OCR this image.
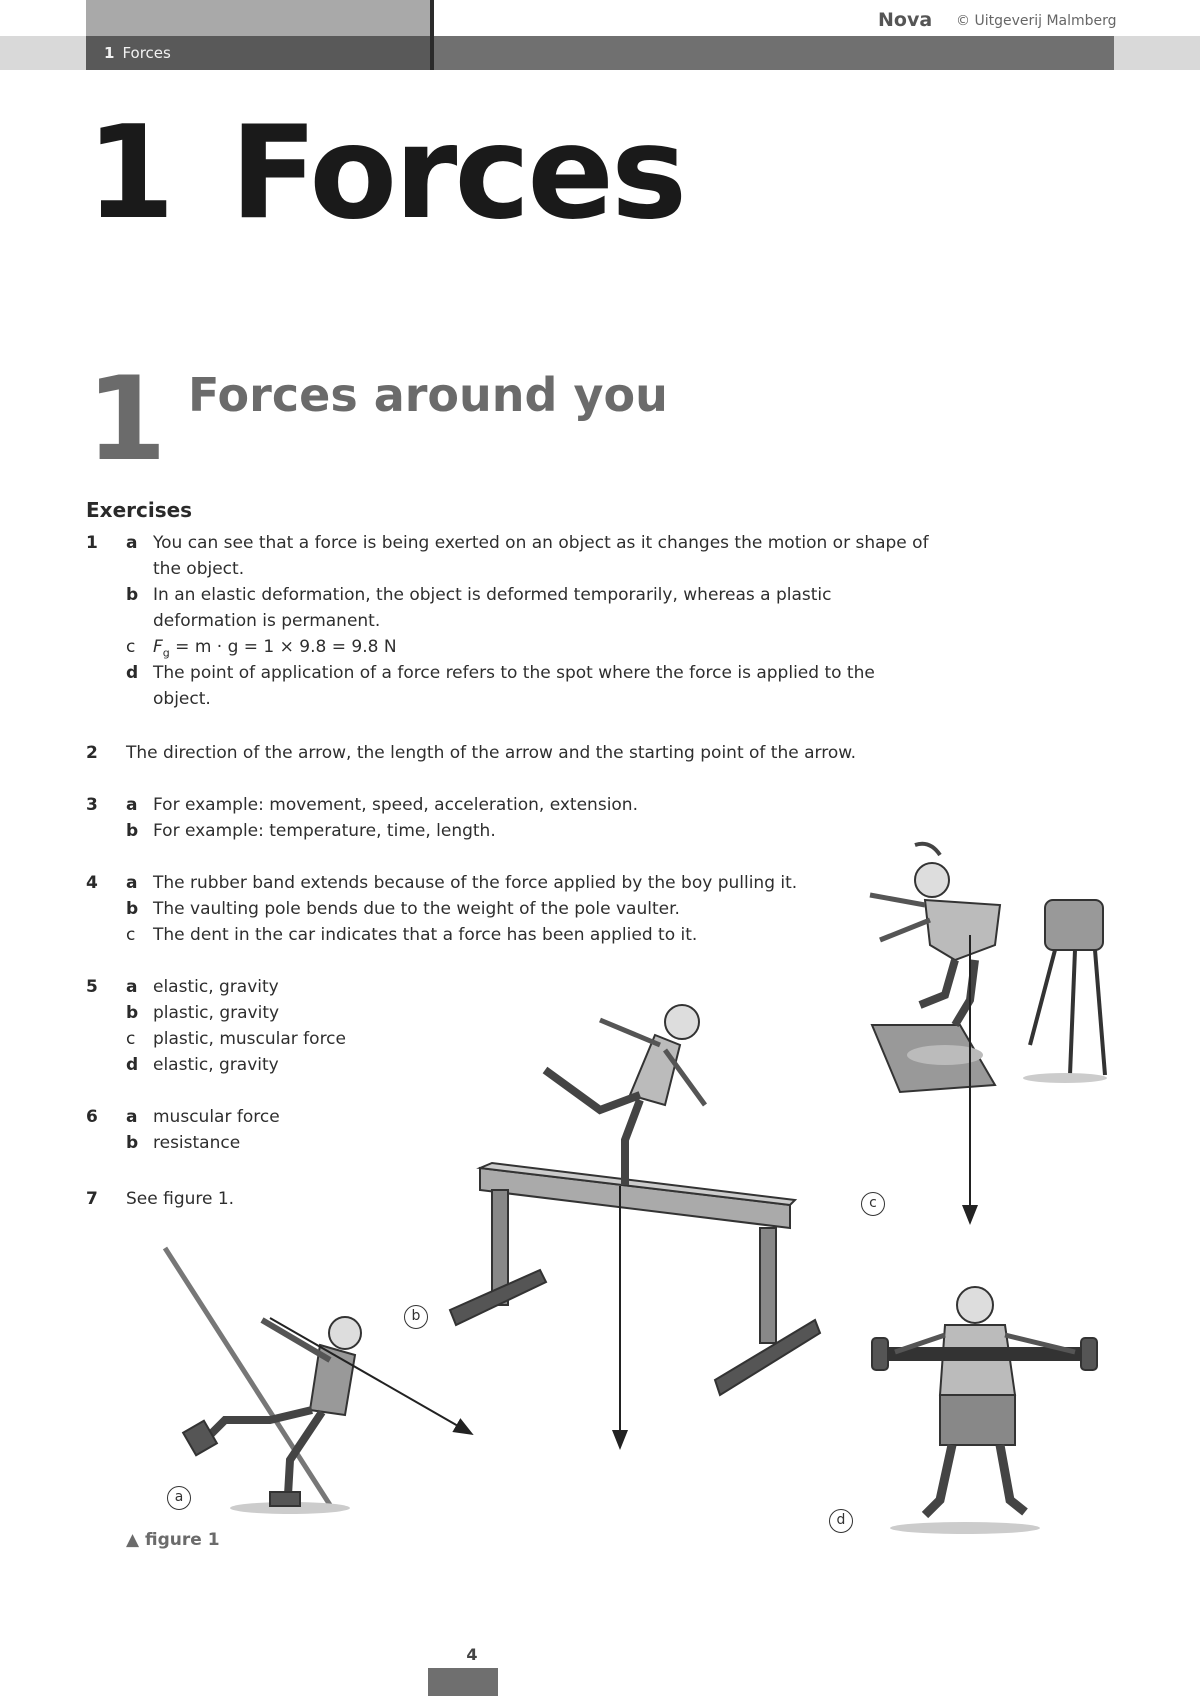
1 Forces
Nova © Uitgeverij Malmberg
1 Forces
1 Forces around you
Exercises
1 a You can see that a force is being exerted on an object as it changes the motion or shape of
the object.
b In an elastic deformation, the object is deformed temporarily, whereas a plastic
deformation is permanent.
c $F_g = m \cdot g = 1 \times 9.8 = 9.8$ N
d The point of application of a force refers to the spot where the force is applied to the
object.
2 The direction of the arrow, the length of the arrow and the starting point of the arrow.
3 a For example: movement, speed, acceleration, extension.
b For example: temperature, time, length.
4 a The rubber band extends because of the force applied by the boy pulling it.
b The vaulting pole bends due to the weight of the pole vaulter.
c The dent in the car indicates that a force has been applied to it.
5 a elastic, gravity
b plastic, gravity
c plastic, muscular force
d elastic, gravity
6 a muscular force
b resistance
7 See figure 1.
a
b
c
d
▲ figure 1
4
